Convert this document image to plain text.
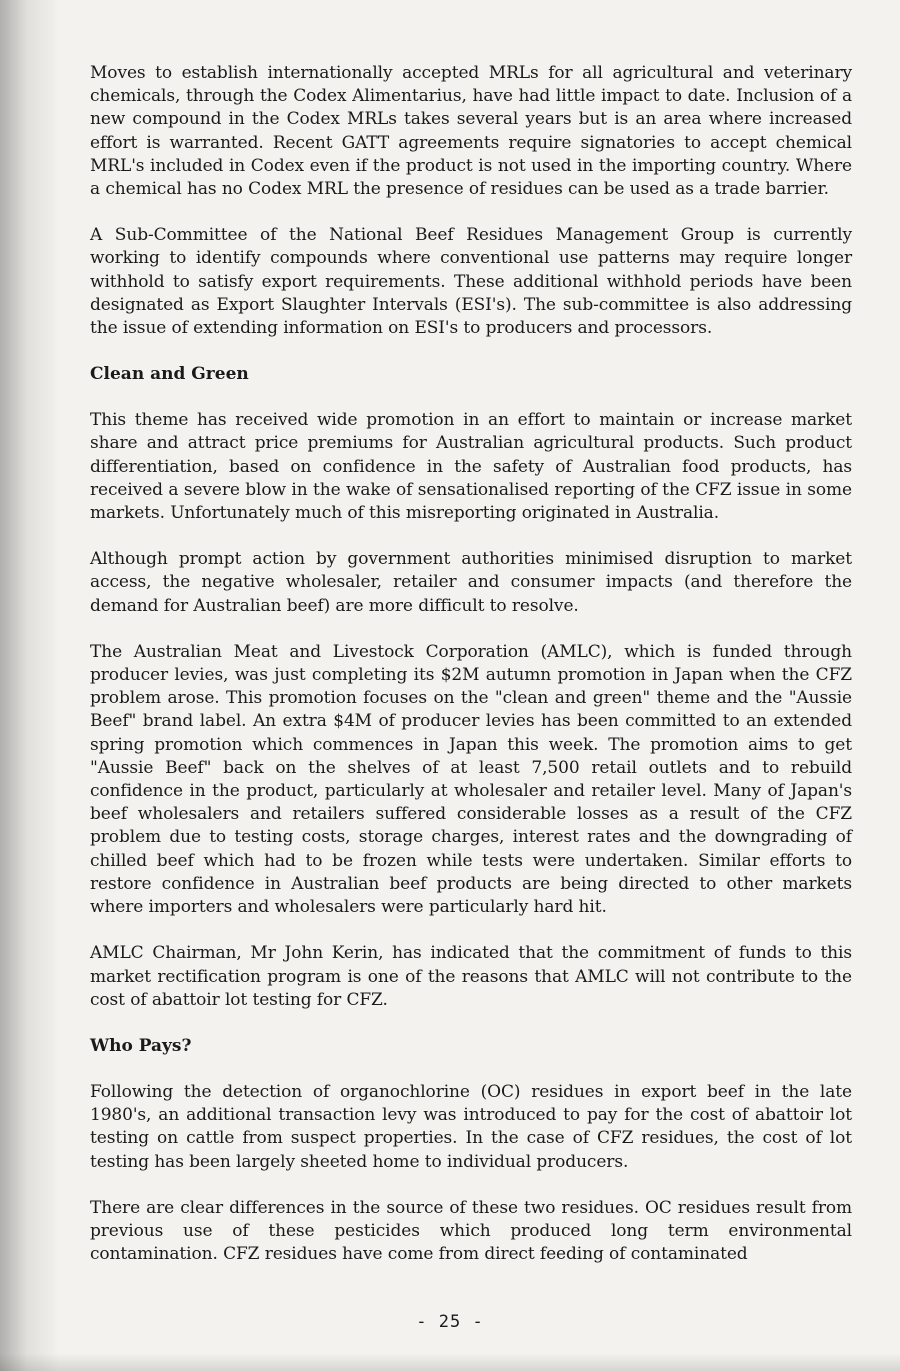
Moves to establish internationally accepted MRLs for all agricultural and veterinary chemicals, through the Codex Alimentarius, have had little impact to date. Inclusion of a new compound in the Codex MRLs takes several years but is an area where increased effort is warranted. Recent GATT agreements require signatories to accept chemical MRL's included in Codex even if the product is not used in the importing country. Where a chemical has no Codex MRL the presence of residues can be used as a trade barrier.

A Sub-Committee of the National Beef Residues Management Group is currently working to identify compounds where conventional use patterns may require longer withhold to satisfy export requirements. These additional withhold periods have been designated as Export Slaughter Intervals (ESI's). The sub-committee is also addressing the issue of extending information on ESI's to producers and processors.

Clean and Green

This theme has received wide promotion in an effort to maintain or increase market share and attract price premiums for Australian agricultural products. Such product differentiation, based on confidence in the safety of Australian food products, has received a severe blow in the wake of sensationalised reporting of the CFZ issue in some markets. Unfortunately much of this misreporting originated in Australia.

Although prompt action by government authorities minimised disruption to market access, the negative wholesaler, retailer and consumer impacts (and therefore the demand for Australian beef) are more difficult to resolve.

The Australian Meat and Livestock Corporation (AMLC), which is funded through producer levies, was just completing its $2M autumn promotion in Japan when the CFZ problem arose. This promotion focuses on the "clean and green" theme and the "Aussie Beef" brand label. An extra $4M of producer levies has been committed to an extended spring promotion which commences in Japan this week. The promotion aims to get "Aussie Beef" back on the shelves of at least 7,500 retail outlets and to rebuild confidence in the product, particularly at wholesaler and retailer level. Many of Japan's beef wholesalers and retailers suffered considerable losses as a result of the CFZ problem due to testing costs, storage charges, interest rates and the downgrading of chilled beef which had to be frozen while tests were undertaken. Similar efforts to restore confidence in Australian beef products are being directed to other markets where importers and wholesalers were particularly hard hit.

AMLC Chairman, Mr John Kerin, has indicated that the commitment of funds to this market rectification program is one of the reasons that AMLC will not contribute to the cost of abattoir lot testing for CFZ.

Who Pays?

Following the detection of organochlorine (OC) residues in export beef in the late 1980's, an additional transaction levy was introduced to pay for the cost of abattoir lot testing on cattle from suspect properties. In the case of CFZ residues, the cost of lot testing has been largely sheeted home to individual producers.

There are clear differences in the source of these two residues. OC residues result from previous use of these pesticides which produced long term environmental contamination. CFZ residues have come from direct feeding of contaminated

- 25 -
